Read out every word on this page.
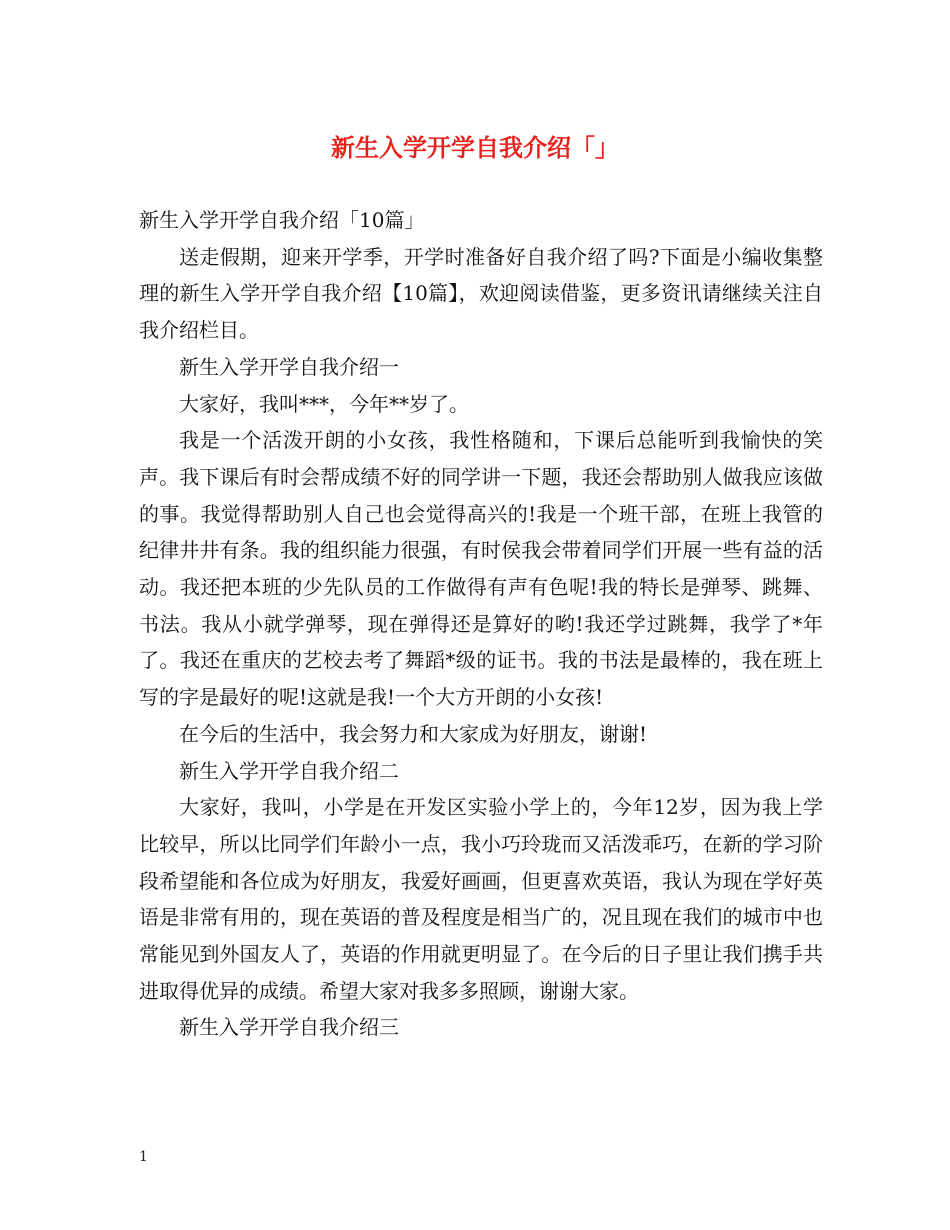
新生入学开学自我介绍「」

新生入学开学自我介绍「10篇」

送走假期，迎来开学季，开学时准备好自我介绍了吗?下面是小编收集整理的新生入学开学自我介绍【10篇】，欢迎阅读借鉴，更多资讯请继续关注自我介绍栏目。

新生入学开学自我介绍一

大家好，我叫***，今年**岁了。

我是一个活泼开朗的小女孩，我性格随和，下课后总能听到我愉快的笑声。我下课后有时会帮成绩不好的同学讲一下题，我还会帮助别人做我应该做的事。我觉得帮助别人自己也会觉得高兴的!我是一个班干部，在班上我管的纪律井井有条。我的组织能力很强，有时侯我会带着同学们开展一些有益的活动。我还把本班的少先队员的工作做得有声有色呢!我的特长是弹琴、跳舞、书法。我从小就学弹琴，现在弹得还是算好的哟!我还学过跳舞，我学了*年了。我还在重庆的艺校去考了舞蹈*级的证书。我的书法是最棒的，我在班上写的字是最好的呢!这就是我!一个大方开朗的小女孩!

在今后的生活中，我会努力和大家成为好朋友，谢谢!

新生入学开学自我介绍二

大家好，我叫，小学是在开发区实验小学上的，今年12岁，因为我上学比较早，所以比同学们年龄小一点，我小巧玲珑而又活泼乖巧，在新的学习阶段希望能和各位成为好朋友，我爱好画画，但更喜欢英语，我认为现在学好英语是非常有用的，现在英语的普及程度是相当广的，况且现在我们的城市中也常能见到外国友人了，英语的作用就更明显了。在今后的日子里让我们携手共进取得优异的成绩。希望大家对我多多照顾，谢谢大家。

新生入学开学自我介绍三

1
